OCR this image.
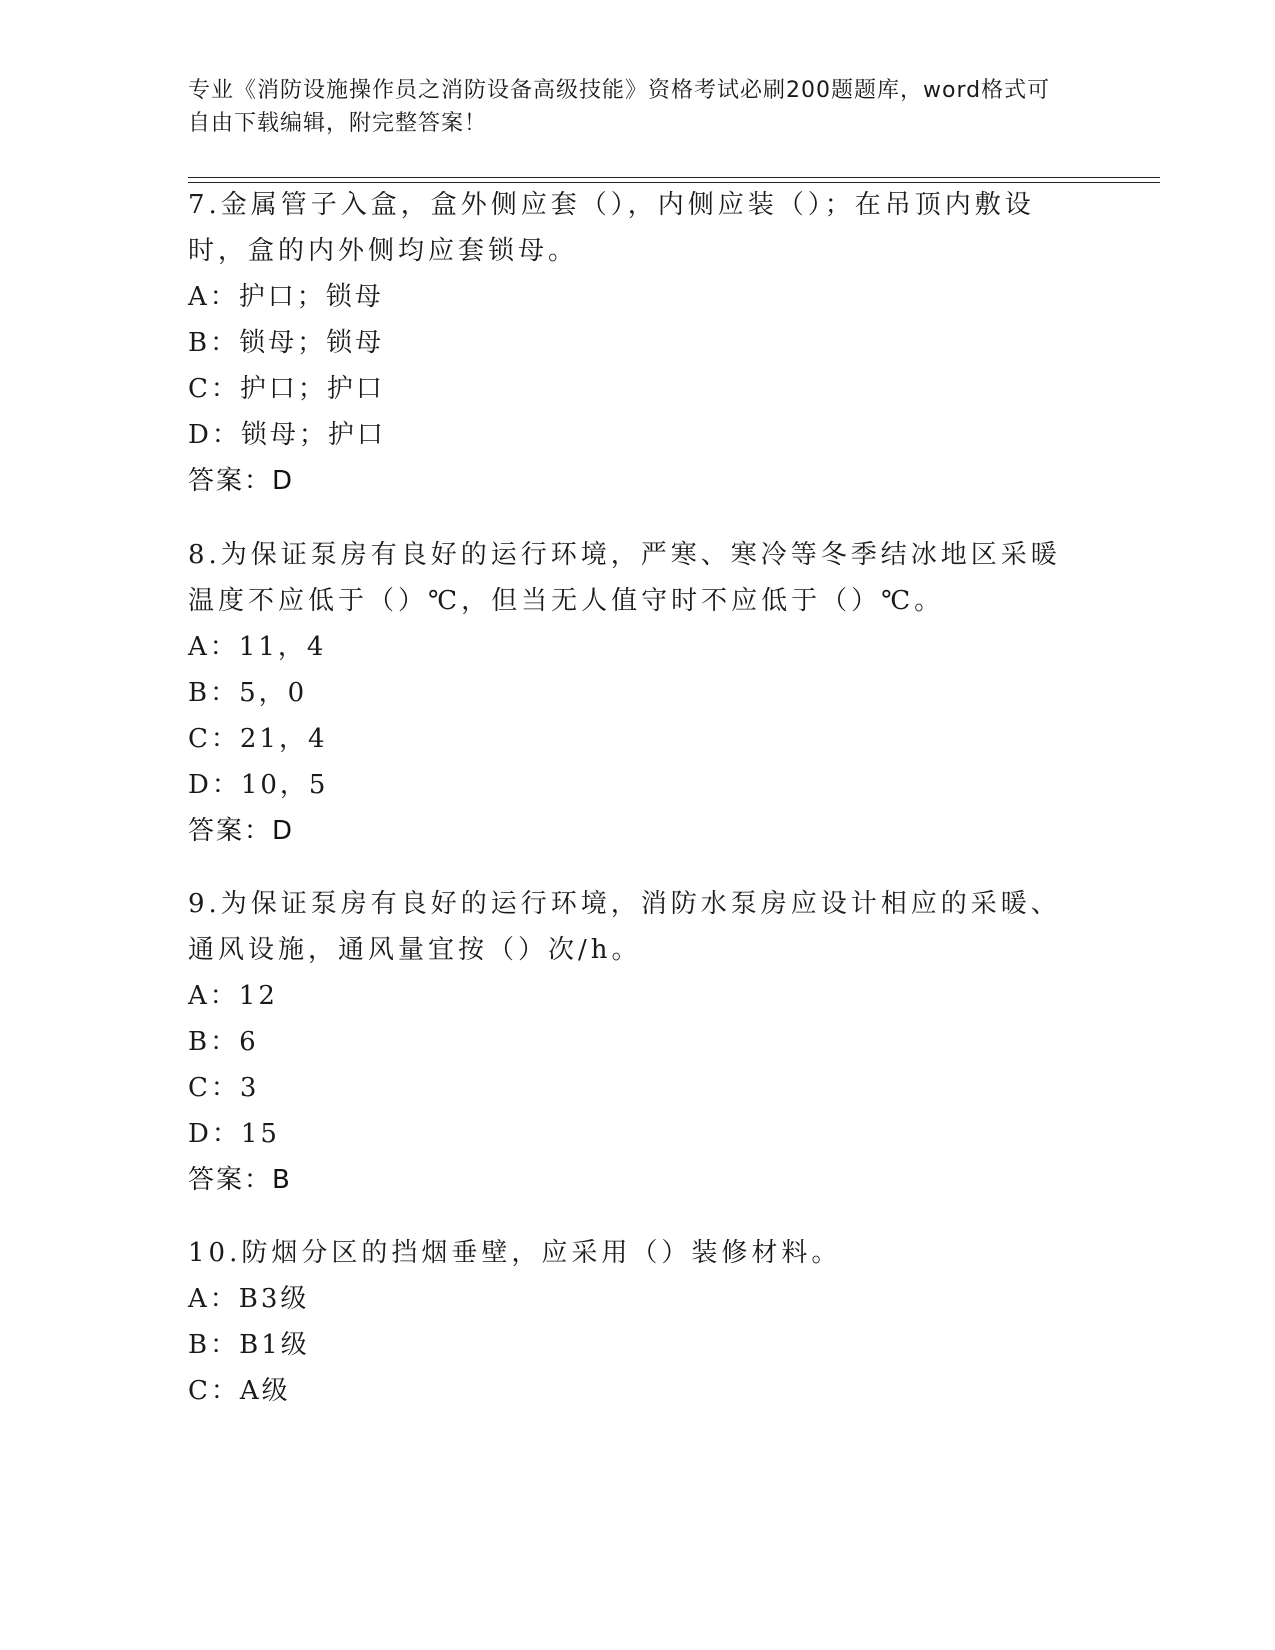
专业《消防设施操作员之消防设备高级技能》资格考试必刷200题题库，word格式可自由下载编辑，附完整答案！

7.金属管子入盒，盒外侧应套（），内侧应装（）；在吊顶内敷设时，盒的内外侧均应套锁母。

A：护口；锁母

B：锁母；锁母

C：护口；护口

D：锁母；护口

答案：D

8.为保证泵房有良好的运行环境，严寒、寒冷等冬季结冰地区采暖温度不应低于（）℃，但当无人值守时不应低于（）℃。

A：11，4

B：5，0

C：21，4

D：10，5

答案：D

9.为保证泵房有良好的运行环境，消防水泵房应设计相应的采暖、通风设施，通风量宜按（）次/h。

A：12

B：6

C：3

D：15

答案：B

10.防烟分区的挡烟垂壁，应采用（）装修材料。

A：B3级

B：B1级

C：A级
